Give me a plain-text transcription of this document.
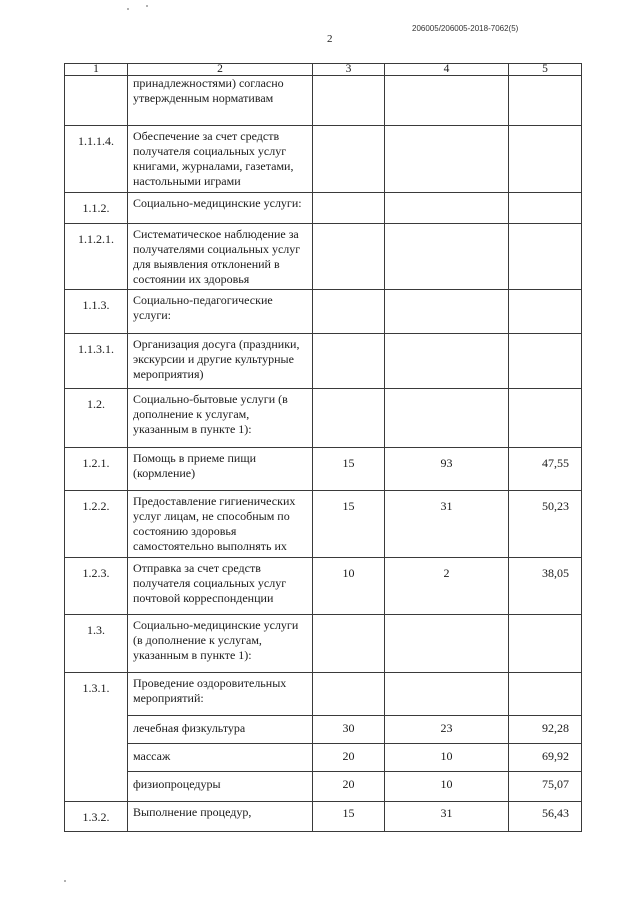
206005/206005-2018-7062(5)
2
1	2	3	4	5
	принадлежностями) согласно утвержденным нормативам			
1.1.1.4.	Обеспечение за счет средств получателя социальных услуг книгами, журналами, газетами, настольными играми			
1.1.2.	Социально-медицинские услуги:			
1.1.2.1.	Систематическое наблюдение за получателями социальных услуг для выявления отклонений в состоянии их здоровья			
1.1.3.	Социально-педагогические услуги:			
1.1.3.1.	Организация досуга (праздники, экскурсии и другие культурные мероприятия)			
1.2.	Социально-бытовые услуги (в дополнение к услугам, указанным в пункте 1):			
1.2.1.	Помощь в приеме пищи (кормление)	15	93	47,55
1.2.2.	Предоставление гигиенических услуг лицам, не способным по состоянию здоровья самостоятельно выполнять их	15	31	50,23
1.2.3.	Отправка за счет средств получателя социальных услуг почтовой корреспонденции	10	2	38,05
1.3.	Социально-медицинские услуги (в дополнение к услугам, указанным в пункте 1):			
1.3.1.	Проведение оздоровительных мероприятий:			
	лечебная физкультура	30	23	92,28
	массаж	20	10	69,92
	физиопроцедуры	20	10	75,07
1.3.2.	Выполнение процедур,	15	31	56,43
